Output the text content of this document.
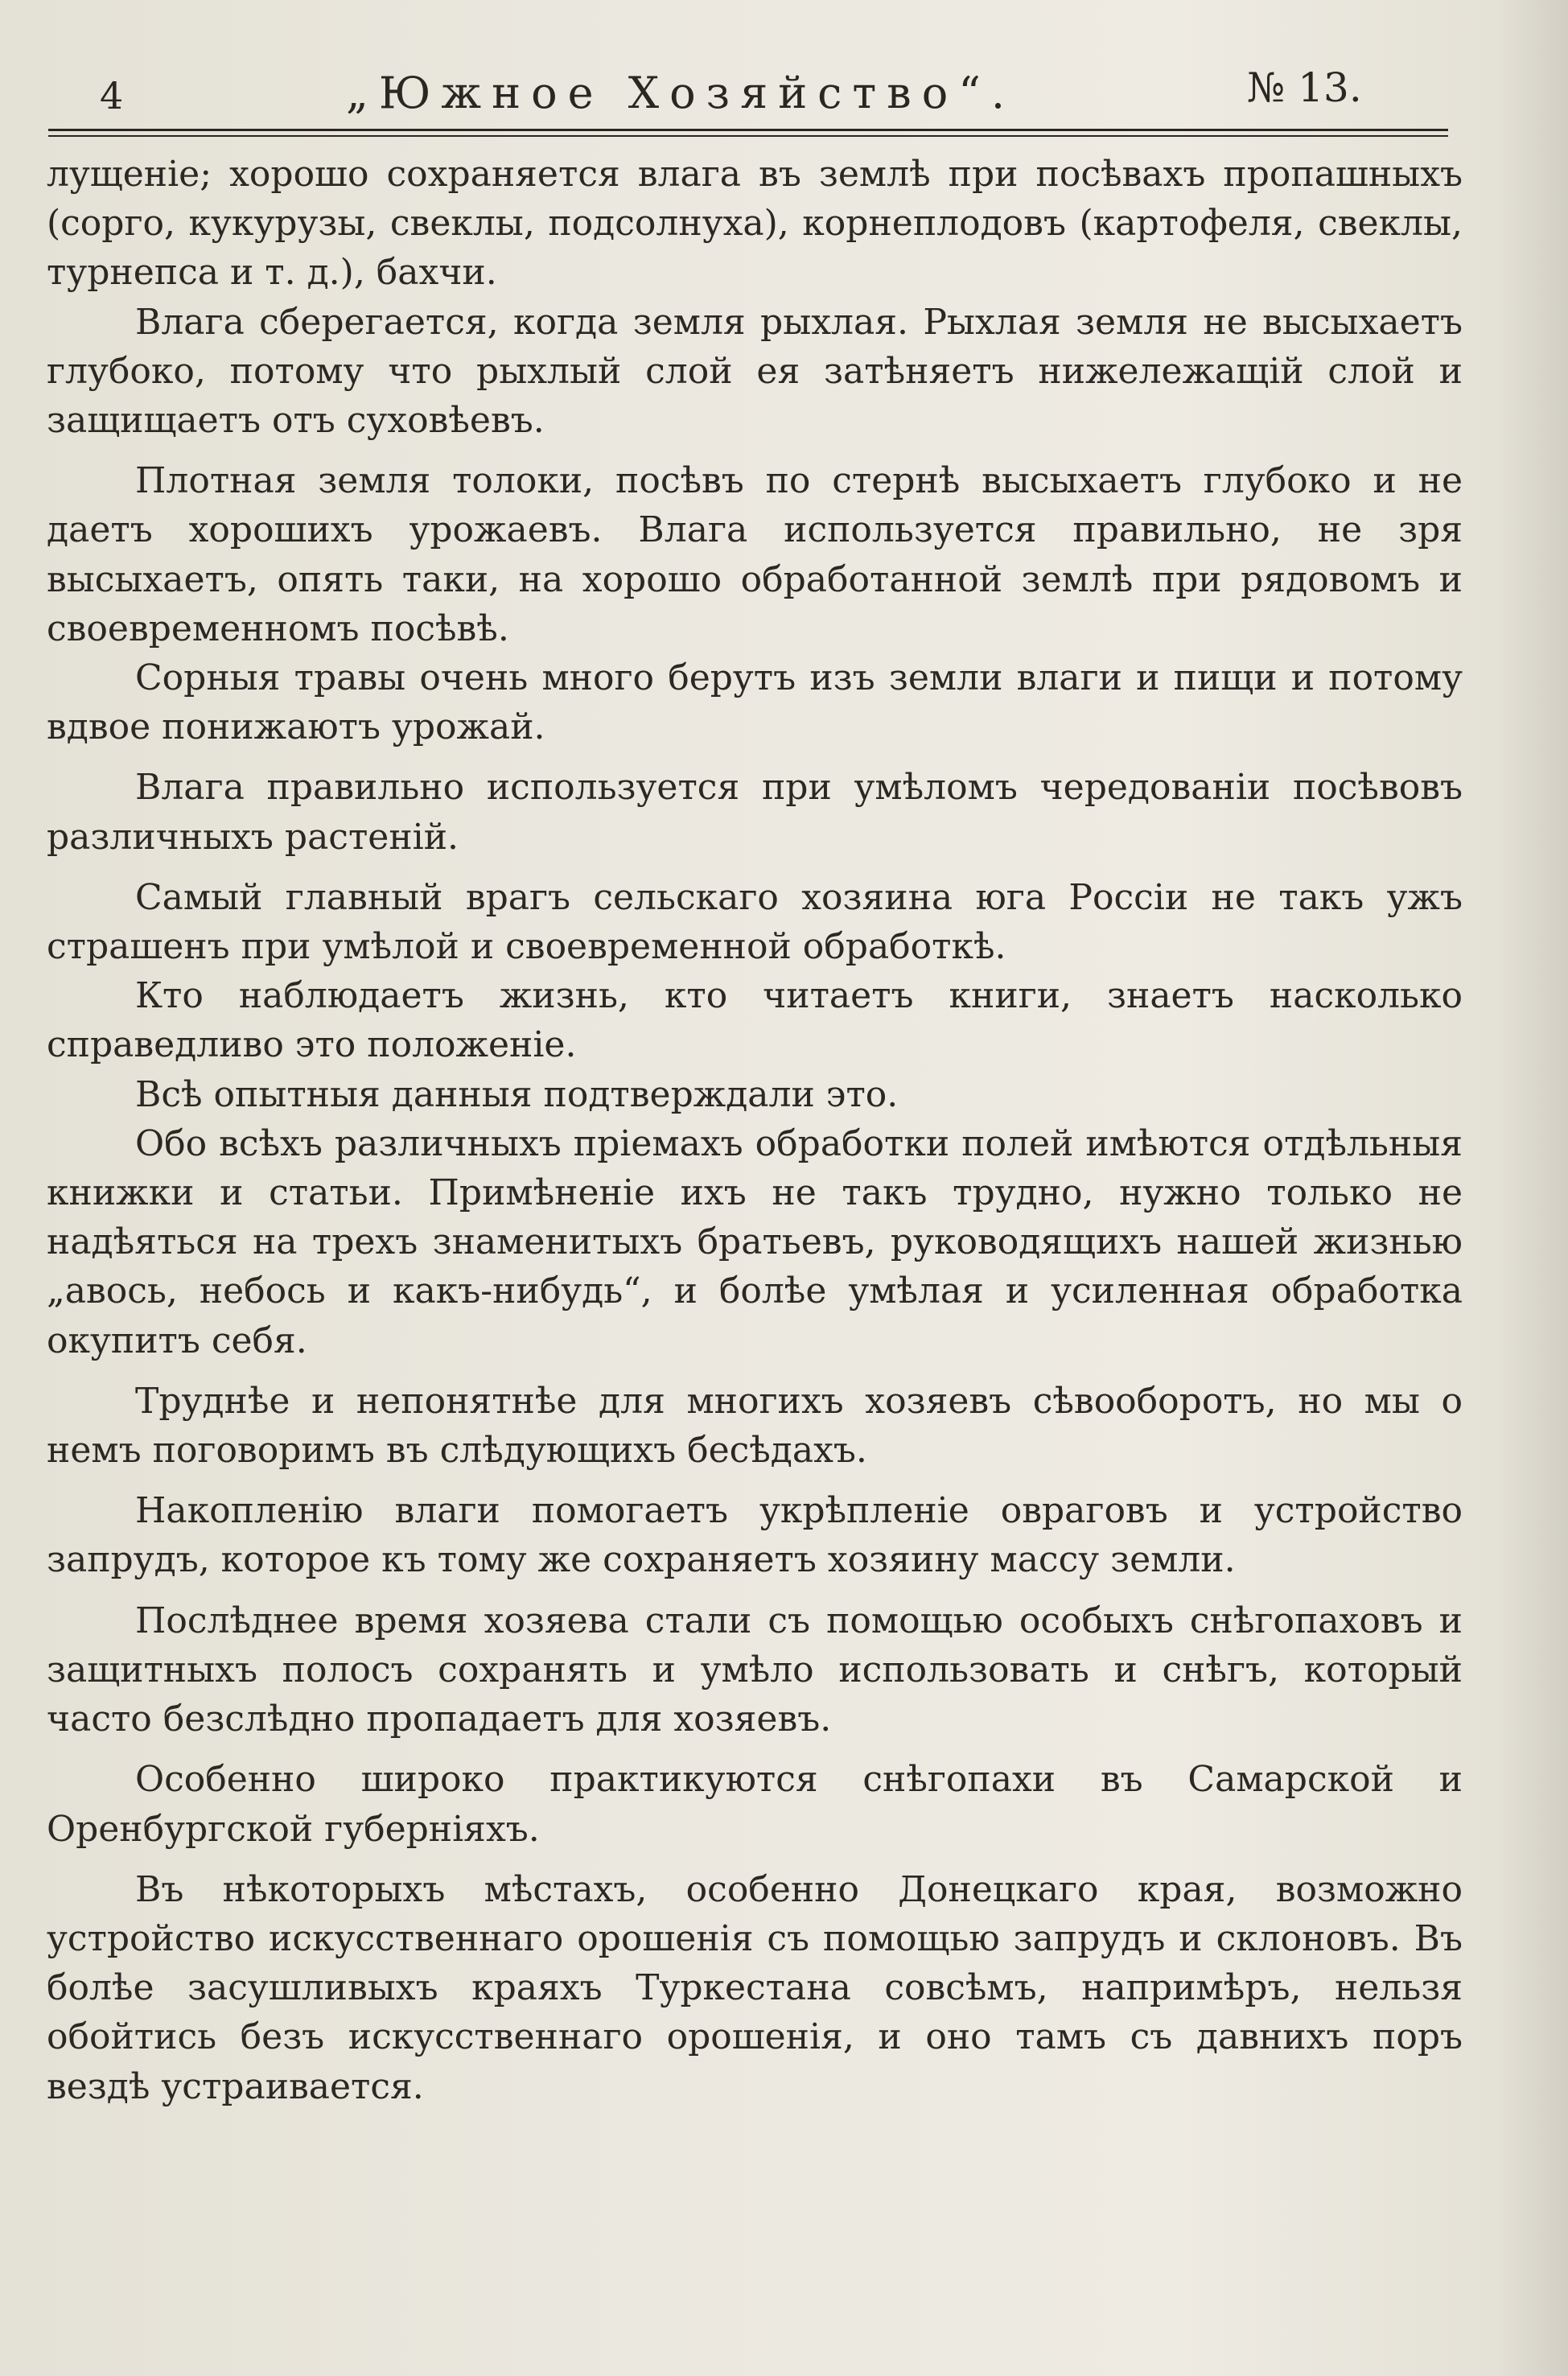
4	„Южное Хозяйство“.	№ 13.

лущеніе; хорошо сохраняется влага въ землѣ при посѣвахъ пропашныхъ (сорго, кукурузы, свеклы, подсолнуха), корнеплодовъ (картофеля, свеклы, турнепса и т. д.), бахчи.

Влага сберегается, когда земля рыхлая. Рыхлая земля не высыхаетъ глубоко, потому что рыхлый слой ея затѣняетъ нижележащій слой и защищаетъ отъ суховѣевъ.

Плотная земля толоки, посѣвъ по стернѣ высыхаетъ глубоко и не даетъ хорошихъ урожаевъ. Влага используется правильно, не зря высыхаетъ, опять таки, на хорошо обработанной землѣ при рядовомъ и своевременномъ посѣвѣ.

Сорныя травы очень много берутъ изъ земли влаги и пищи и потому вдвое понижаютъ урожай.

Влага правильно используется при умѣломъ чередованіи посѣвовъ различныхъ растеній.

Самый главный врагъ сельскаго хозяина юга Россіи не такъ ужъ страшенъ при умѣлой и своевременной обработкѣ.

Кто наблюдаетъ жизнь, кто читаетъ книги, знаетъ насколько справедливо это положеніе.

Всѣ опытныя данныя подтверждали это.

Обо всѣхъ различныхъ пріемахъ обработки полей имѣются отдѣльныя книжки и статьи. Примѣненіе ихъ не такъ трудно, нужно только не надѣяться на трехъ знаменитыхъ братьевъ, руководящихъ нашей жизнью „авось, небось и какъ-нибудь“, и болѣе умѣлая и усиленная обработка окупитъ себя.

Труднѣе и непонятнѣе для многихъ хозяевъ сѣвооборотъ, но мы о немъ поговоримъ въ слѣдующихъ бесѣдахъ.

Накопленію влаги помогаетъ укрѣпленіе овраговъ и устройство запрудъ, которое къ тому же сохраняетъ хозяину массу земли.

Послѣднее время хозяева стали съ помощью особыхъ снѣгопаховъ и защитныхъ полосъ сохранять и умѣло использовать и снѣгъ, который часто безслѣдно пропадаетъ для хозяевъ.

Особенно широко практикуются снѣгопахи въ Самарской и Оренбургской губерніяхъ.

Въ нѣкоторыхъ мѣстахъ, особенно Донецкаго края, возможно устройство искусственнаго орошенія съ помощью запрудъ и склоновъ. Въ болѣе засушливыхъ краяхъ Туркестана совсѣмъ, напримѣръ, нельзя обойтись безъ искусственнаго орошенія, и оно тамъ съ давнихъ поръ вездѣ устраивается.
